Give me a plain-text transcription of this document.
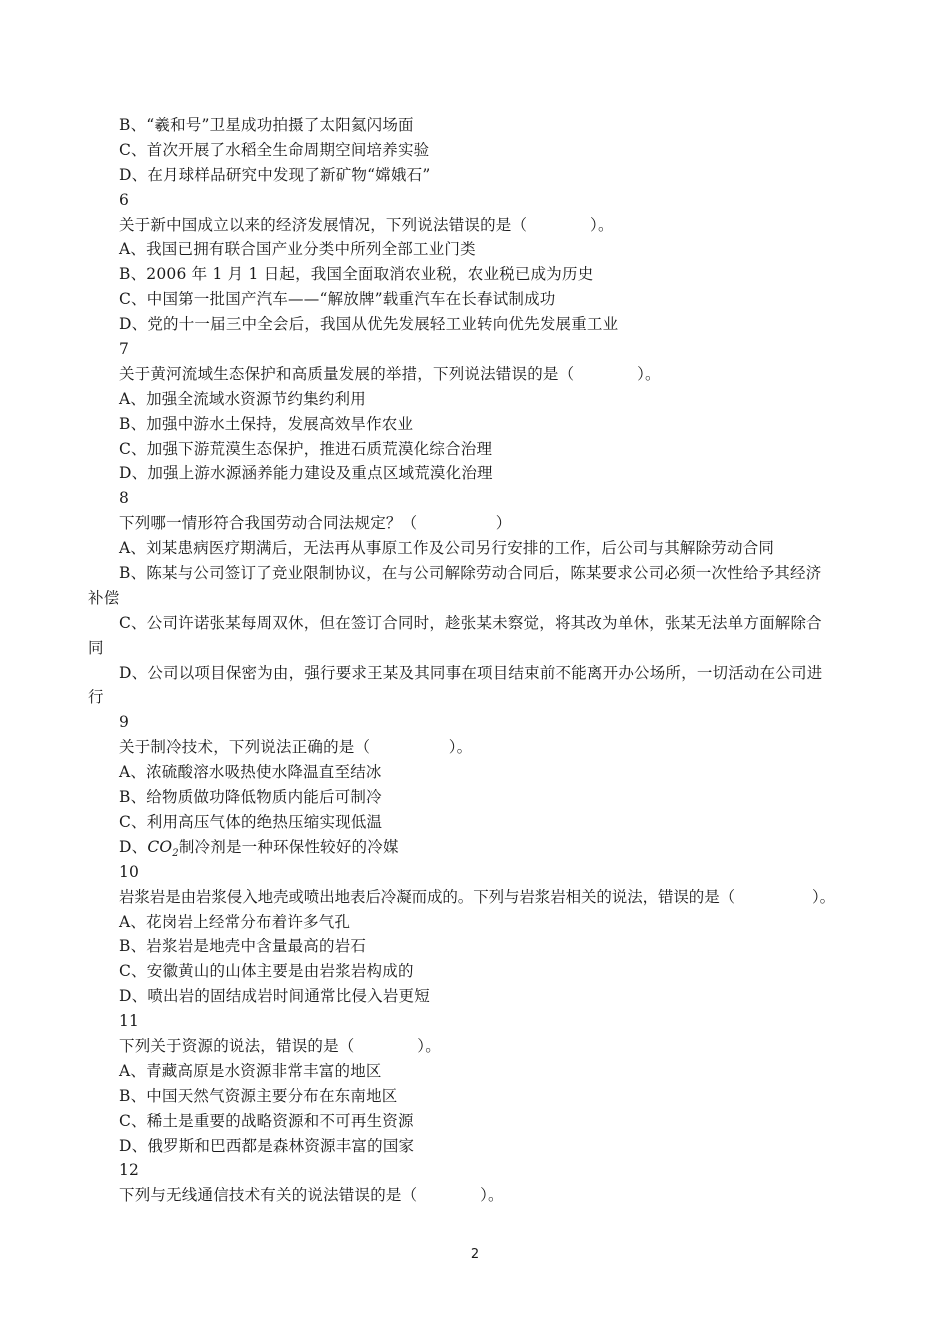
B、“羲和号”卫星成功拍摄了太阳氦闪场面
C、首次开展了水稻全生命周期空间培养实验
D、在月球样品研究中发现了新矿物“嫦娥石”
6
关于新中国成立以来的经济发展情况，下列说法错误的是（　　　　）。
A、我国已拥有联合国产业分类中所列全部工业门类
B、2006 年 1 月 1 日起，我国全面取消农业税，农业税已成为历史
C、中国第一批国产汽车——“解放牌”载重汽车在长春试制成功
D、党的十一届三中全会后，我国从优先发展轻工业转向优先发展重工业
7
关于黄河流域生态保护和高质量发展的举措，下列说法错误的是（　　　　）。
A、加强全流域水资源节约集约利用
B、加强中游水土保持，发展高效旱作农业
C、加强下游荒漠生态保护，推进石质荒漠化综合治理
D、加强上游水源涵养能力建设及重点区域荒漠化治理
8
下列哪一情形符合我国劳动合同法规定？（　　　　　）
A、刘某患病医疗期满后，无法再从事原工作及公司另行安排的工作，后公司与其解除劳动合同
B、陈某与公司签订了竞业限制协议，在与公司解除劳动合同后，陈某要求公司必须一次性给予其经济
补偿
C、公司许诺张某每周双休，但在签订合同时，趁张某未察觉，将其改为单休，张某无法单方面解除合
同
D、公司以项目保密为由，强行要求王某及其同事在项目结束前不能离开办公场所，一切活动在公司进
行
9
关于制冷技术，下列说法正确的是（　　　　　）。
A、浓硫酸溶水吸热使水降温直至结冰
B、给物质做功降低物质内能后可制冷
C、利用高压气体的绝热压缩实现低温
D、$CO_2$制冷剂是一种环保性较好的冷媒
10
岩浆岩是由岩浆侵入地壳或喷出地表后冷凝而成的。下列与岩浆岩相关的说法，错误的是（　　　　　）。
A、花岗岩上经常分布着许多气孔
B、岩浆岩是地壳中含量最高的岩石
C、安徽黄山的山体主要是由岩浆岩构成的
D、喷出岩的固结成岩时间通常比侵入岩更短
11
下列关于资源的说法，错误的是（　　　　）。
A、青藏高原是水资源非常丰富的地区
B、中国天然气资源主要分布在东南地区
C、稀土是重要的战略资源和不可再生资源
D、俄罗斯和巴西都是森林资源丰富的国家
12
下列与无线通信技术有关的说法错误的是（　　　　）。
2
